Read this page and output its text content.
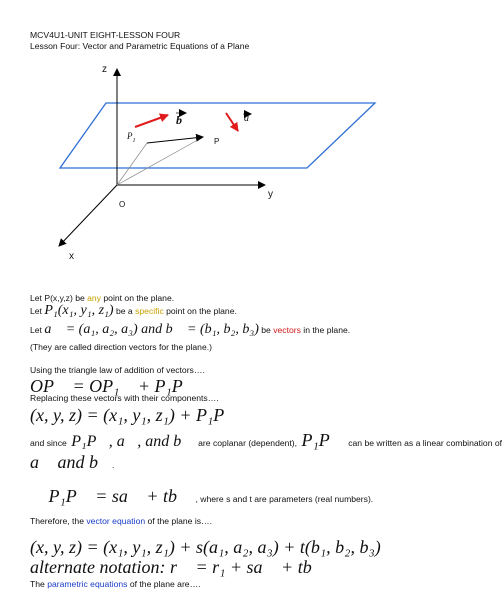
MCV4U1-UNIT EIGHT-LESSON FOUR
Lesson Four: Vector and Parametric Equations of a Plane
z
y
x
O
b	a
$P_1$	P
Let P(x,y,z) be any point on the plane.
Let P₁(x₁, y₁, z₁) be a specific point on the plane.
Let a⃗ = (a₁, a₂, a₃) and b⃗ = (b₁, b₂, b₃) be vectors in the plane.
(They are called direction vectors for the plane.)
Using the triangle law of addition of vectors….
OP⃗ = OP₁⃗ + P₁P⃗
Replacing these vectors with their components….
(x, y, z) = (x₁, y₁, z₁) + P₁P⃗
and since P₁P⃗, a⃗, and b⃗ are coplanar (dependent), P₁P⃗ can be written as a linear combination of
a⃗ and b⃗.
∴ P₁P⃗ = sa⃗ + tb⃗ , where s and t are parameters (real numbers).
Therefore, the vector equation of the plane is….
(x, y, z) = (x₁, y₁, z₁) + s(a₁, a₂, a₃) + t(b₁, b₂, b₃)
alternate notation: r⃗ = r₁ + sa⃗ + tb⃗
The parametric equations of the plane are….
